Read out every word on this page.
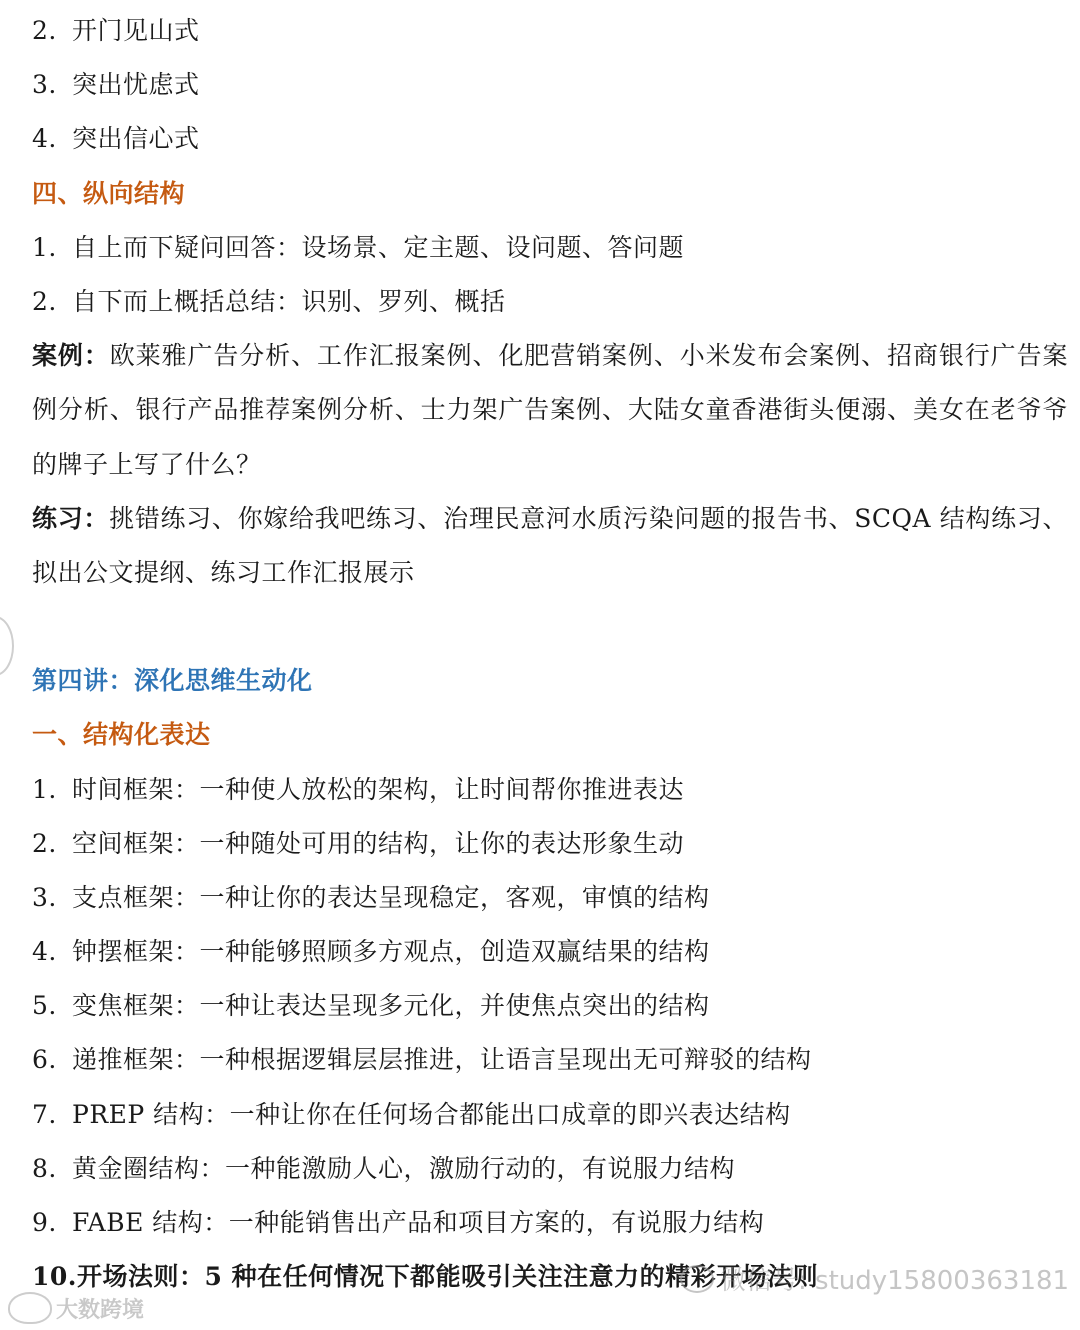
2. 开门见山式
3. 突出忧虑式
4. 突出信心式
四、纵向结构
1. 自上而下疑问回答：设场景、定主题、设问题、答问题
2. 自下而上概括总结：识别、罗列、概括
案例：欧莱雅广告分析、工作汇报案例、化肥营销案例、小米发布会案例、招商银行广告案例分析、银行产品推荐案例分析、士力架广告案例、大陆女童香港街头便溺、美女在老爷爷的牌子上写了什么？
练习：挑错练习、你嫁给我吧练习、治理民意河水质污染问题的报告书、SCQA 结构练习、拟出公文提纲、练习工作汇报展示
第四讲：深化思维生动化
一、结构化表达
1. 时间框架：一种使人放松的架构，让时间帮你推进表达
2. 空间框架：一种随处可用的结构，让你的表达形象生动
3. 支点框架：一种让你的表达呈现稳定，客观，审慎的结构
4. 钟摆框架：一种能够照顾多方观点，创造双赢结果的结构
5. 变焦框架：一种让表达呈现多元化，并使焦点突出的结构
6. 递推框架：一种根据逻辑层层推进，让语言呈现出无可辩驳的结构
7. PREP 结构：一种让你在任何场合都能出口成章的即兴表达结构
8. 黄金圈结构：一种能激励人心，激励行动的，有说服力结构
9. FABE 结构：一种能销售出产品和项目方案的，有说服力结构
10.开场法则：5 种在任何情况下都能吸引关注注意力的精彩开场法则
微信号: study15800363181
大数跨境
